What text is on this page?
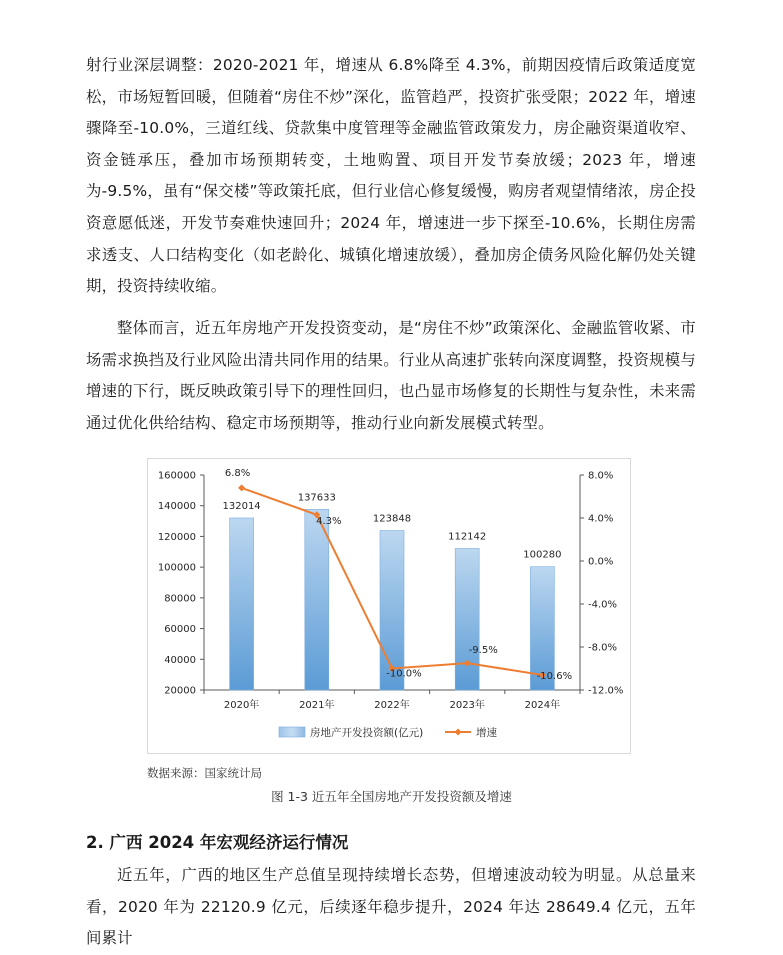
射行业深层调整：2020-2021 年，增速从 6.8%降至 4.3%，前期因疫情后政策适度宽松，市场短暂回暖，但随着“房住不炒”深化，监管趋严，投资扩张受限；2022 年，增速骤降至-10.0%，三道红线、贷款集中度管理等金融监管政策发力，房企融资渠道收窄、资金链承压，叠加市场预期转变，土地购置、项目开发节奏放缓；2023 年，增速为-9.5%，虽有“保交楼”等政策托底，但行业信心修复缓慢，购房者观望情绪浓，房企投资意愿低迷，开发节奏难快速回升；2024 年，增速进一步下探至-10.6%，长期住房需求透支、人口结构变化（如老龄化、城镇化增速放缓），叠加房企债务风险化解仍处关键期，投资持续收缩。

整体而言，近五年房地产开发投资变动，是“房住不炒”政策深化、金融监管收紧、市场需求换挡及行业风险出清共同作用的结果。行业从高速扩张转向深度调整，投资规模与增速的下行，既反映政策引导下的理性回归，也凸显市场修复的长期性与复杂性，未来需通过优化供给结构、稳定市场预期等，推动行业向新发展模式转型。

20000
40000
60000
80000
100000
120000
140000
160000
-12.0%
-8.0%
-4.0%
0.0%
4.0%
8.0%
2020年	2021年	2022年	2023年	2024年
132014
137633
123848
112142
100280
6.8%
4.3%
-10.0%
-9.5%
-10.6%
房地产开发投资额(亿元)	增速
数据来源：国家统计局
图 1-3 近五年全国房地产开发投资额及增速
2. 广西 2024 年宏观经济运行情况

近五年，广西的地区生产总值呈现持续增长态势，但增速波动较为明显。从总量来看，2020 年为 22120.9 亿元，后续逐年稳步提升，2024 年达 28649.4 亿元，五年间累计
